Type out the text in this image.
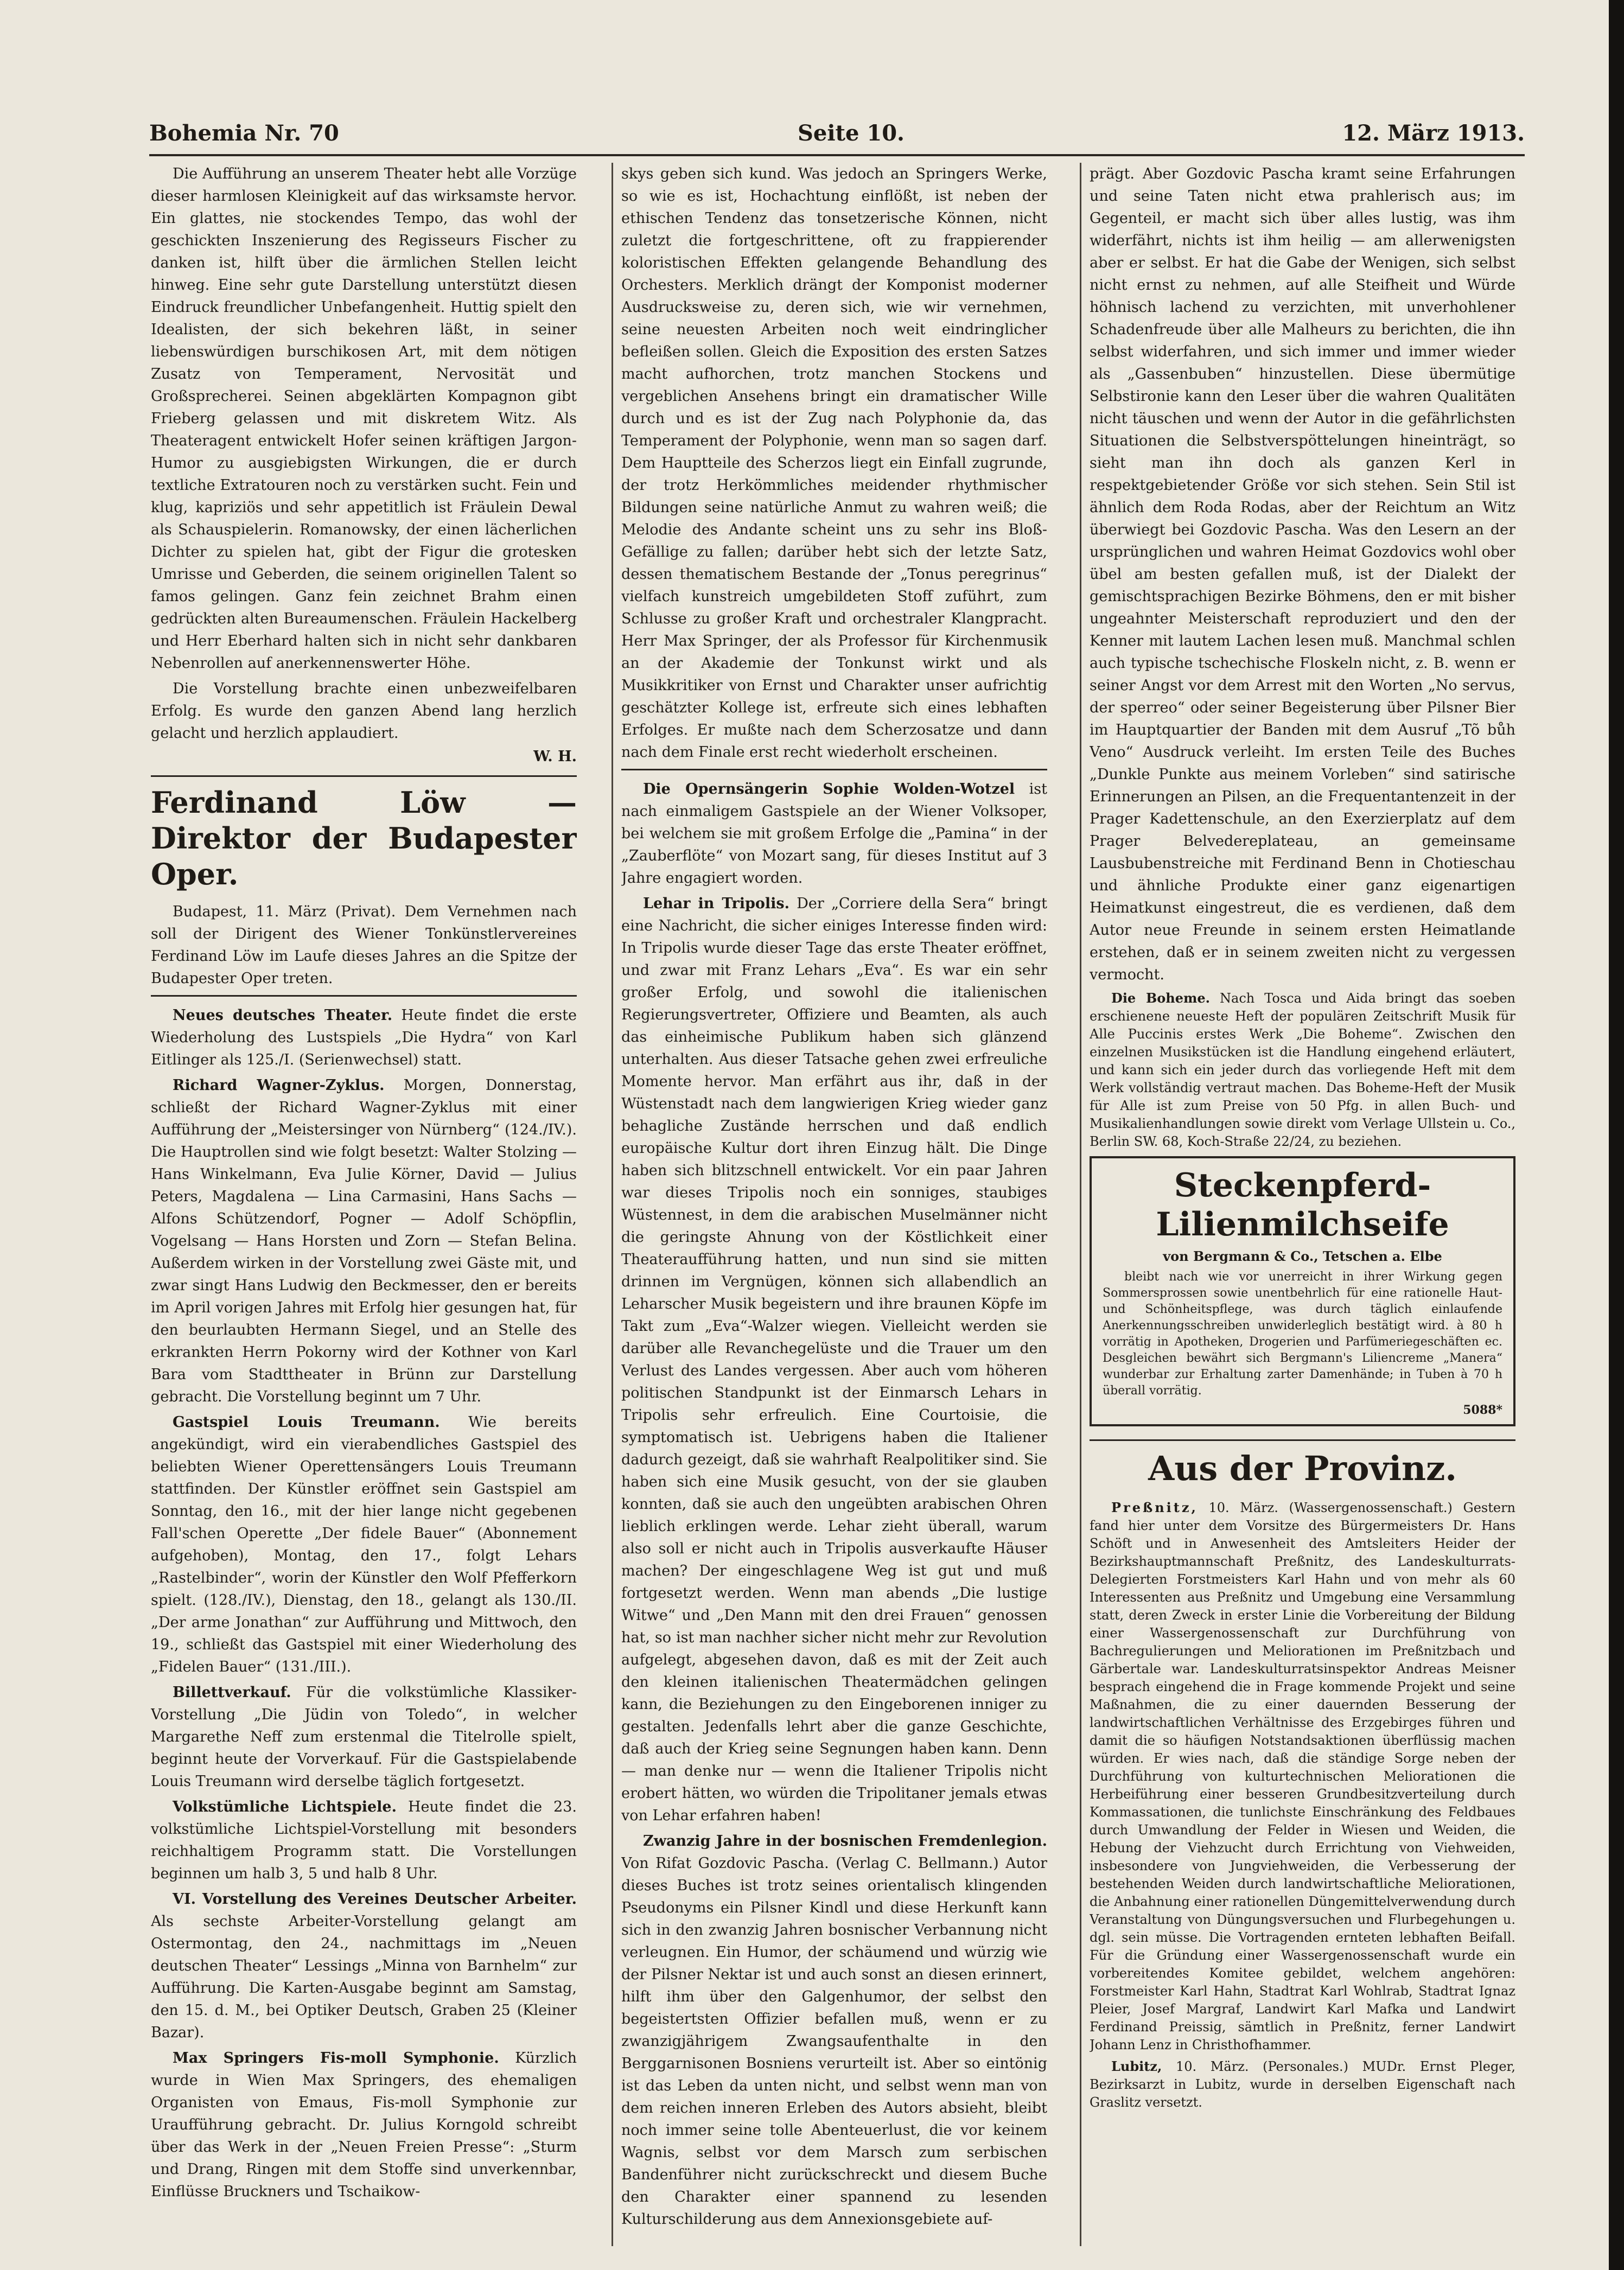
Bohemia Nr. 70	Seite 10.	12. März 1913.

Die Aufführung an unserem Theater hebt alle Vorzüge dieser harmlosen Kleinigkeit auf das wirksamste hervor. Ein glattes, nie stockendes Tempo, das wohl der geschickten Inszenierung des Regisseurs Fischer zu danken ist, hilft über die ärmlichen Stellen leicht hinweg. Eine sehr gute Darstellung unterstützt diesen Eindruck freundlicher Unbefangenheit. Huttig spielt den Idealisten, der sich bekehren läßt, in seiner liebenswürdigen burschikosen Art, mit dem nötigen Zusatz von Temperament, Nervosität und Großsprecherei. Seinen abgeklärten Kompagnon gibt Frieberg gelassen und mit diskretem Witz. Als Theateragent entwickelt Hofer seinen kräftigen Jargon-Humor zu ausgiebigsten Wirkungen, die er durch textliche Extratouren noch zu verstärken sucht. Fein und klug, kapriziös und sehr appetitlich ist Fräulein Dewal als Schauspielerin. Romanowsky, der einen lächerlichen Dichter zu spielen hat, gibt der Figur die grotesken Umrisse und Geberden, die seinem originellen Talent so famos gelingen. Ganz fein zeichnet Brahm einen gedrückten alten Bureaumenschen. Fräulein Hackelberg und Herr Eberhard halten sich in nicht sehr dankbaren Nebenrollen auf anerkennenswerter Höhe.

Die Vorstellung brachte einen unbezweifelbaren Erfolg. Es wurde den ganzen Abend lang herzlich gelacht und herzlich applaudiert.

W. H.
Ferdinand Löw — Direktor der Budapester Oper.

Budapest, 11. März (Privat). Dem Vernehmen nach soll der Dirigent des Wiener Tonkünstlervereines Ferdinand Löw im Laufe dieses Jahres an die Spitze der Budapester Oper treten.

Neues deutsches Theater. Heute findet die erste Wiederholung des Lustspiels „Die Hydra“ von Karl Eitlinger als 125./I. (Serienwechsel) statt.

Richard Wagner-Zyklus. Morgen, Donnerstag, schließt der Richard Wagner-Zyklus mit einer Aufführung der „Meistersinger von Nürnberg“ (124./IV.). Die Hauptrollen sind wie folgt besetzt: Walter Stolzing — Hans Winkelmann, Eva Julie Körner, David — Julius Peters, Magdalena — Lina Carmasini, Hans Sachs — Alfons Schützendorf, Pogner — Adolf Schöpflin, Vogelsang — Hans Horsten und Zorn — Stefan Belina. Außerdem wirken in der Vorstellung zwei Gäste mit, und zwar singt Hans Ludwig den Beckmesser, den er bereits im April vorigen Jahres mit Erfolg hier gesungen hat, für den beurlaubten Hermann Siegel, und an Stelle des erkrankten Herrn Pokorny wird der Kothner von Karl Bara vom Stadttheater in Brünn zur Darstellung gebracht. Die Vorstellung beginnt um 7 Uhr.

Gastspiel Louis Treumann. Wie bereits angekündigt, wird ein vierabendliches Gastspiel des beliebten Wiener Operettensängers Louis Treumann stattfinden. Der Künstler eröffnet sein Gastspiel am Sonntag, den 16., mit der hier lange nicht gegebenen Fall'schen Operette „Der fidele Bauer“ (Abonnement aufgehoben), Montag, den 17., folgt Lehars „Rastelbinder“, worin der Künstler den Wolf Pfefferkorn spielt. (128./IV.), Dienstag, den 18., gelangt als 130./II. „Der arme Jonathan“ zur Aufführung und Mittwoch, den 19., schließt das Gastspiel mit einer Wiederholung des „Fidelen Bauer“ (131./III.).

Billettverkauf. Für die volkstümliche Klassiker-Vorstellung „Die Jüdin von Toledo“, in welcher Margarethe Neff zum erstenmal die Titelrolle spielt, beginnt heute der Vorverkauf. Für die Gastspielabende Louis Treumann wird derselbe täglich fortgesetzt.

Volkstümliche Lichtspiele. Heute findet die 23. volkstümliche Lichtspiel-Vorstellung mit besonders reichhaltigem Programm statt. Die Vorstellungen beginnen um halb 3, 5 und halb 8 Uhr.

VI. Vorstellung des Vereines Deutscher Arbeiter. Als sechste Arbeiter-Vorstellung gelangt am Ostermontag, den 24., nachmittags im „Neuen deutschen Theater“ Lessings „Minna von Barnhelm“ zur Aufführung. Die Karten-Ausgabe beginnt am Samstag, den 15. d. M., bei Optiker Deutsch, Graben 25 (Kleiner Bazar).

Max Springers Fis-moll Symphonie. Kürzlich wurde in Wien Max Springers, des ehemaligen Organisten von Emaus, Fis-moll Symphonie zur Uraufführung gebracht. Dr. Julius Korngold schreibt über das Werk in der „Neuen Freien Presse“: „Sturm und Drang, Ringen mit dem Stoffe sind unverkennbar, Einflüsse Bruckners und Tschaikow-

skys geben sich kund. Was jedoch an Springers Werke, so wie es ist, Hochachtung einflößt, ist neben der ethischen Tendenz das tonsetzerische Können, nicht zuletzt die fortgeschrittene, oft zu frappierender koloristischen Effekten gelangende Behandlung des Orchesters. Merklich drängt der Komponist moderner Ausdrucksweise zu, deren sich, wie wir vernehmen, seine neuesten Arbeiten noch weit eindringlicher befleißen sollen. Gleich die Exposition des ersten Satzes macht aufhorchen, trotz manchen Stockens und vergeblichen Ansehens bringt ein dramatischer Wille durch und es ist der Zug nach Polyphonie da, das Temperament der Polyphonie, wenn man so sagen darf. Dem Hauptteile des Scherzos liegt ein Einfall zugrunde, der trotz Herkömmliches meidender rhythmischer Bildungen seine natürliche Anmut zu wahren weiß; die Melodie des Andante scheint uns zu sehr ins Bloß-Gefällige zu fallen; darüber hebt sich der letzte Satz, dessen thematischem Bestande der „Tonus peregrinus“ vielfach kunstreich umgebildeten Stoff zuführt, zum Schlusse zu großer Kraft und orchestraler Klangpracht. Herr Max Springer, der als Professor für Kirchenmusik an der Akademie der Tonkunst wirkt und als Musikkritiker von Ernst und Charakter unser aufrichtig geschätzter Kollege ist, erfreute sich eines lebhaften Erfolges. Er mußte nach dem Scherzosatze und dann nach dem Finale erst recht wiederholt erscheinen.

Die Opernsängerin Sophie Wolden-Wotzel ist nach einmaligem Gastspiele an der Wiener Volksoper, bei welchem sie mit großem Erfolge die „Pamina“ in der „Zauberflöte“ von Mozart sang, für dieses Institut auf 3 Jahre engagiert worden.

Lehar in Tripolis. Der „Corriere della Sera“ bringt eine Nachricht, die sicher einiges Interesse finden wird: In Tripolis wurde dieser Tage das erste Theater eröffnet, und zwar mit Franz Lehars „Eva“. Es war ein sehr großer Erfolg, und sowohl die italienischen Regierungsvertreter, Offiziere und Beamten, als auch das einheimische Publikum haben sich glänzend unterhalten. Aus dieser Tatsache gehen zwei erfreuliche Momente hervor. Man erfährt aus ihr, daß in der Wüstenstadt nach dem langwierigen Krieg wieder ganz behagliche Zustände herrschen und daß endlich europäische Kultur dort ihren Einzug hält. Die Dinge haben sich blitzschnell entwickelt. Vor ein paar Jahren war dieses Tripolis noch ein sonniges, staubiges Wüstennest, in dem die arabischen Muselmänner nicht die geringste Ahnung von der Köstlichkeit einer Theateraufführung hatten, und nun sind sie mitten drinnen im Vergnügen, können sich allabendlich an Leharscher Musik begeistern und ihre braunen Köpfe im Takt zum „Eva“-Walzer wiegen. Vielleicht werden sie darüber alle Revanchegelüste und die Trauer um den Verlust des Landes vergessen. Aber auch vom höheren politischen Standpunkt ist der Einmarsch Lehars in Tripolis sehr erfreulich. Eine Courtoisie, die symptomatisch ist. Uebrigens haben die Italiener dadurch gezeigt, daß sie wahrhaft Realpolitiker sind. Sie haben sich eine Musik gesucht, von der sie glauben konnten, daß sie auch den ungeübten arabischen Ohren lieblich erklingen werde. Lehar zieht überall, warum also soll er nicht auch in Tripolis ausverkaufte Häuser machen? Der eingeschlagene Weg ist gut und muß fortgesetzt werden. Wenn man abends „Die lustige Witwe“ und „Den Mann mit den drei Frauen“ genossen hat, so ist man nachher sicher nicht mehr zur Revolution aufgelegt, abgesehen davon, daß es mit der Zeit auch den kleinen italienischen Theatermädchen gelingen kann, die Beziehungen zu den Eingeborenen inniger zu gestalten. Jedenfalls lehrt aber die ganze Geschichte, daß auch der Krieg seine Segnungen haben kann. Denn — man denke nur — wenn die Italiener Tripolis nicht erobert hätten, wo würden die Tripolitaner jemals etwas von Lehar erfahren haben!

Zwanzig Jahre in der bosnischen Fremdenlegion. Von Rifat Gozdovic Pascha. (Verlag C. Bellmann.) Autor dieses Buches ist trotz seines orientalisch klingenden Pseudonyms ein Pilsner Kindl und diese Herkunft kann sich in den zwanzig Jahren bosnischer Verbannung nicht verleugnen. Ein Humor, der schäumend und würzig wie der Pilsner Nektar ist und auch sonst an diesen erinnert, hilft ihm über den Galgenhumor, der selbst den begeistertsten Offizier befallen muß, wenn er zu zwanzigjährigem Zwangsaufenthalte in den Berggarnisonen Bosniens verurteilt ist. Aber so eintönig ist das Leben da unten nicht, und selbst wenn man von dem reichen inneren Erleben des Autors absieht, bleibt noch immer seine tolle Abenteuerlust, die vor keinem Wagnis, selbst vor dem Marsch zum serbischen Bandenführer nicht zurückschreckt und diesem Buche den Charakter einer spannend zu lesenden Kulturschilderung aus dem Annexionsgebiete auf-

prägt. Aber Gozdovic Pascha kramt seine Erfahrungen und seine Taten nicht etwa prahlerisch aus; im Gegenteil, er macht sich über alles lustig, was ihm widerfährt, nichts ist ihm heilig — am allerwenigsten aber er selbst. Er hat die Gabe der Wenigen, sich selbst nicht ernst zu nehmen, auf alle Steifheit und Würde höhnisch lachend zu verzichten, mit unverhohlener Schadenfreude über alle Malheurs zu berichten, die ihn selbst widerfahren, und sich immer und immer wieder als „Gassenbuben“ hinzustellen. Diese übermütige Selbstironie kann den Leser über die wahren Qualitäten nicht täuschen und wenn der Autor in die gefährlichsten Situationen die Selbstverspöttelungen hineinträgt, so sieht man ihn doch als ganzen Kerl in respektgebietender Größe vor sich stehen. Sein Stil ist ähnlich dem Roda Rodas, aber der Reichtum an Witz überwiegt bei Gozdovic Pascha. Was den Lesern an der ursprünglichen und wahren Heimat Gozdovics wohl ober übel am besten gefallen muß, ist der Dialekt der gemischtsprachigen Bezirke Böhmens, den er mit bisher ungeahnter Meisterschaft reproduziert und den der Kenner mit lautem Lachen lesen muß. Manchmal schlen auch typische tschechische Floskeln nicht, z. B. wenn er seiner Angst vor dem Arrest mit den Worten „No servus, der sperreo“ oder seiner Begeisterung über Pilsner Bier im Hauptquartier der Banden mit dem Ausruf „Tõ bůh Veno“ Ausdruck verleiht. Im ersten Teile des Buches „Dunkle Punkte aus meinem Vorleben“ sind satirische Erinnerungen an Pilsen, an die Frequentantenzeit in der Prager Kadettenschule, an den Exerzierplatz auf dem Prager Belvedereplateau, an gemeinsame Lausbubenstreiche mit Ferdinand Benn in Chotieschau und ähnliche Produkte einer ganz eigenartigen Heimatkunst eingestreut, die es verdienen, daß dem Autor neue Freunde in seinem ersten Heimatlande erstehen, daß er in seinem zweiten nicht zu vergessen vermocht.

Die Boheme. Nach Tosca und Aida bringt das soeben erschienene neueste Heft der populären Zeitschrift Musik für Alle Puccinis erstes Werk „Die Boheme“. Zwischen den einzelnen Musikstücken ist die Handlung eingehend erläutert, und kann sich ein jeder durch das vorliegende Heft mit dem Werk vollständig vertraut machen. Das Boheme-Heft der Musik für Alle ist zum Preise von 50 Pfg. in allen Buch- und Musikalienhandlungen sowie direkt vom Verlage Ullstein u. Co., Berlin SW. 68, Koch-Straße 22/24, zu beziehen.

Steckenpferd-Lilienmilchseife
von Bergmann & Co., Tetschen a. Elbe

bleibt nach wie vor unerreicht in ihrer Wirkung gegen Sommersprossen sowie unentbehrlich für eine rationelle Haut- und Schönheitspflege, was durch täglich einlaufende Anerkennungsschreiben unwiderleglich bestätigt wird. à 80 h vorrätig in Apotheken, Drogerien und Parfümeriegeschäften ec. Desgleichen bewährt sich Bergmann's Liliencreme „Manera“ wunderbar zur Erhaltung zarter Damenhände; in Tuben à 70 h überall vorrätig.

5088*
Aus der Provinz.

Preßnitz, 10. März. (Wassergenossenschaft.) Gestern fand hier unter dem Vorsitze des Bürgermeisters Dr. Hans Schöft und in Anwesenheit des Amtsleiters Heider der Bezirkshauptmannschaft Preßnitz, des Landeskulturrats-Delegierten Forstmeisters Karl Hahn und von mehr als 60 Interessenten aus Preßnitz und Umgebung eine Versammlung statt, deren Zweck in erster Linie die Vorbereitung der Bildung einer Wassergenossenschaft zur Durchführung von Bachregulierungen und Meliorationen im Preßnitzbach und Gärbertale war. Landeskulturratsinspektor Andreas Meisner besprach eingehend die in Frage kommende Projekt und seine Maßnahmen, die zu einer dauernden Besserung der landwirtschaftlichen Verhältnisse des Erzgebirges führen und damit die so häufigen Notstandsaktionen überflüssig machen würden. Er wies nach, daß die ständige Sorge neben der Durchführung von kulturtechnischen Meliorationen die Herbeiführung einer besseren Grundbesitzverteilung durch Kommassationen, die tunlichste Einschränkung des Feldbaues durch Umwandlung der Felder in Wiesen und Weiden, die Hebung der Viehzucht durch Errichtung von Viehweiden, insbesondere von Jungviehweiden, die Verbesserung der bestehenden Weiden durch landwirtschaftliche Meliorationen, die Anbahnung einer rationellen Düngemittelverwendung durch Veranstaltung von Düngungsversuchen und Flurbegehungen u. dgl. sein müsse. Die Vortragenden ernteten lebhaften Beifall. Für die Gründung einer Wassergenossenschaft wurde ein vorbereitendes Komitee gebildet, welchem angehören: Forstmeister Karl Hahn, Stadtrat Karl Wohlrab, Stadtrat Ignaz Pleier, Josef Margraf, Landwirt Karl Mafka und Landwirt Ferdinand Preissig, sämtlich in Preßnitz, ferner Landwirt Johann Lenz in Christhofhammer.

Lubitz, 10. März. (Personales.) MUDr. Ernst Pleger, Bezirksarzt in Lubitz, wurde in derselben Eigenschaft nach Graslitz versetzt.
